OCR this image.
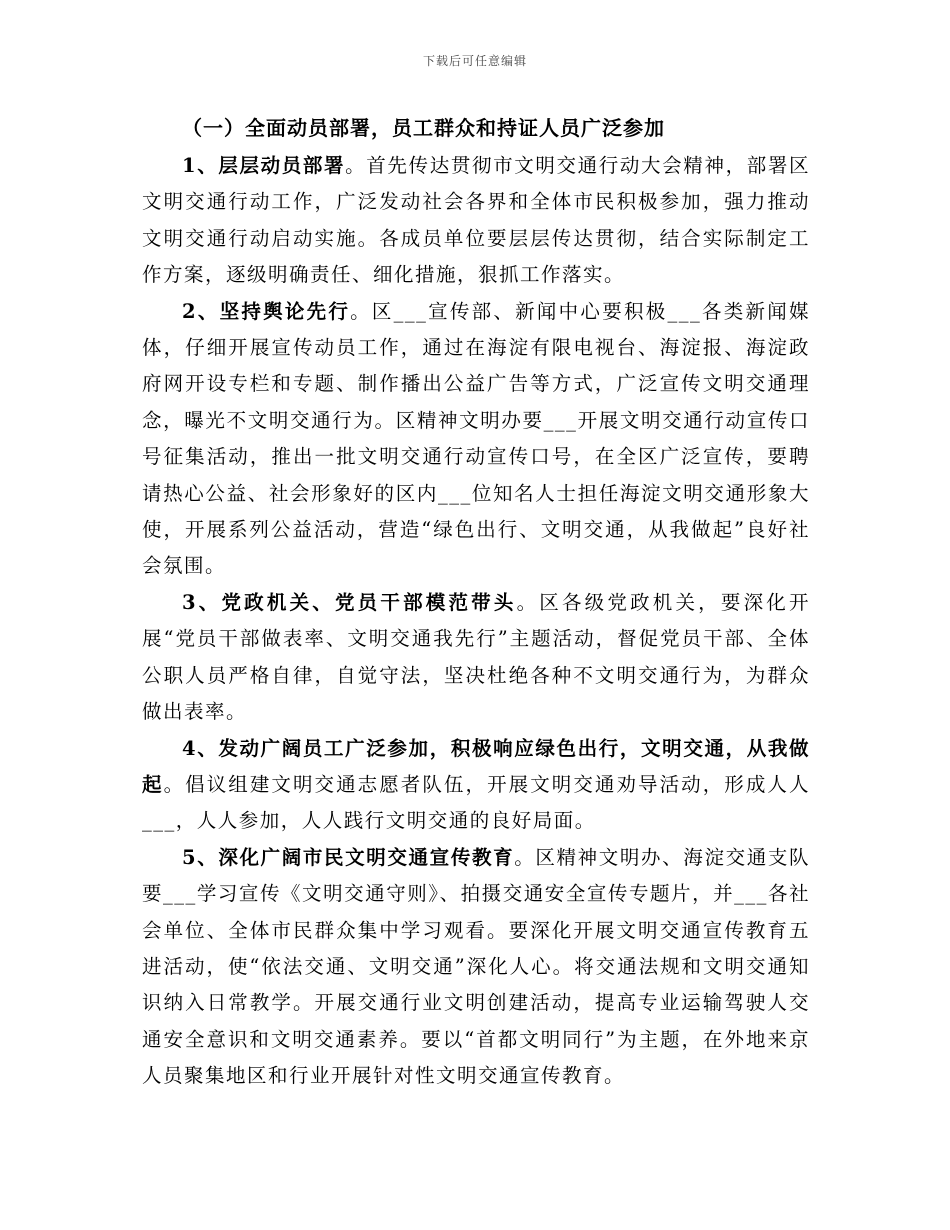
下载后可任意编辑

（一）全面动员部署，员工群众和持证人员广泛参加

1、层层动员部署。首先传达贯彻市文明交通行动大会精神，部署区文明交通行动工作，广泛发动社会各界和全体市民积极参加，强力推动文明交通行动启动实施。各成员单位要层层传达贯彻，结合实际制定工作方案，逐级明确责任、细化措施，狠抓工作落实。

2、坚持舆论先行。区___宣传部、新闻中心要积极___各类新闻媒体，仔细开展宣传动员工作，通过在海淀有限电视台、海淀报、海淀政府网开设专栏和专题、制作播出公益广告等方式，广泛宣传文明交通理念，曝光不文明交通行为。区精神文明办要___开展文明交通行动宣传口号征集活动，推出一批文明交通行动宣传口号，在全区广泛宣传，要聘请热心公益、社会形象好的区内___位知名人士担任海淀文明交通形象大使，开展系列公益活动，营造“绿色出行、文明交通，从我做起”良好社会氛围。

3、党政机关、党员干部模范带头。区各级党政机关，要深化开展“党员干部做表率、文明交通我先行”主题活动，督促党员干部、全体公职人员严格自律，自觉守法，坚决杜绝各种不文明交通行为，为群众做出表率。

4、发动广阔员工广泛参加，积极响应绿色出行，文明交通，从我做起。倡议组建文明交通志愿者队伍，开展文明交通劝导活动，形成人人___，人人参加，人人践行文明交通的良好局面。

5、深化广阔市民文明交通宣传教育。区精神文明办、海淀交通支队要___学习宣传《文明交通守则》、拍摄交通安全宣传专题片，并___各社会单位、全体市民群众集中学习观看。要深化开展文明交通宣传教育五进活动，使“依法交通、文明交通”深化人心。将交通法规和文明交通知识纳入日常教学。开展交通行业文明创建活动，提高专业运输驾驶人交通安全意识和文明交通素养。要以“首都文明同行”为主题，在外地来京人员聚集地区和行业开展针对性文明交通宣传教育。
